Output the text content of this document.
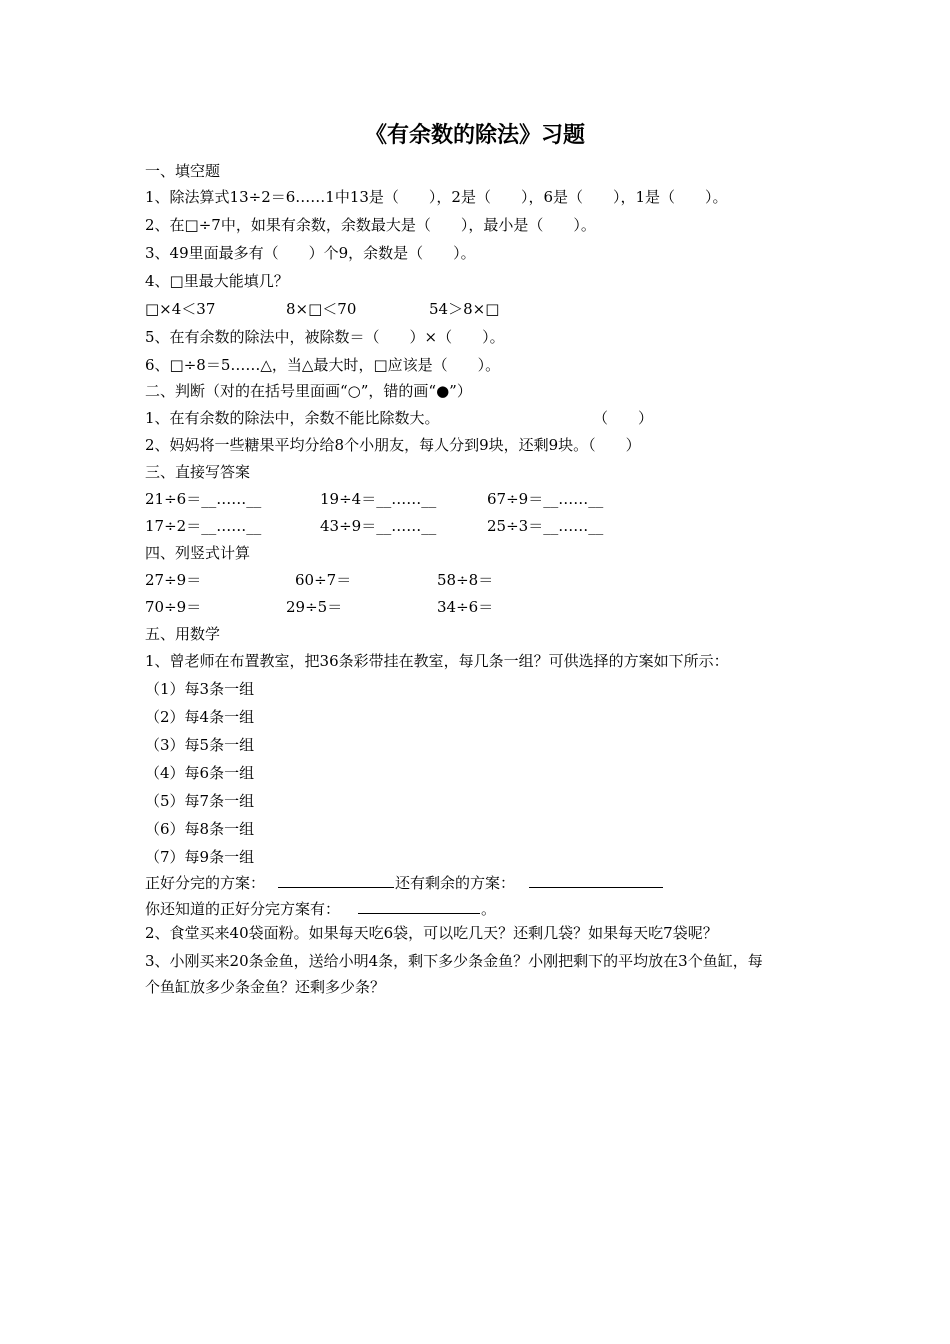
《有余数的除法》习题
一、填空题
1、除法算式13÷2＝6……1中13是（　　），2是（　　），6是（　　），1是（　　）。
2、在□÷7中，如果有余数，余数最大是（　　），最小是（　　）。
3、49里面最多有（　　）个9，余数是（　　）。
4、□里最大能填几？
□×4＜37	8×□＜70	54＞8×□
5、在有余数的除法中，被除数＝（　　）×（　　）。
6、□÷8＝5……△，当△最大时，□应该是（　　）。
二、判断（对的在括号里面画“○”，错的画“●”）
1、在有余数的除法中，余数不能比除数大。	（　　）
2、妈妈将一些糖果平均分给8个小朋友，每人分到9块，还剩9块。（　　）
三、直接写答案
21÷6＝__……__	19÷4＝__……__	67÷9＝__……__
17÷2＝__……__	43÷9＝__……__	25÷3＝__……__
四、列竖式计算
27÷9＝	60÷7＝	58÷8＝
70÷9＝	29÷5＝	34÷6＝
五、用数学
1、曾老师在布置教室，把36条彩带挂在教室，每几条一组？可供选择的方案如下所示：
（1）每3条一组
（2）每4条一组
（3）每5条一组
（4）每6条一组
（5）每7条一组
（6）每8条一组
（7）每9条一组
正好分完的方案：	还有剩余的方案：
你还知道的正好分完方案有：	。
2、食堂买来40袋面粉。如果每天吃6袋，可以吃几天？还剩几袋？如果每天吃7袋呢？
3、小刚买来20条金鱼，送给小明4条，剩下多少条金鱼？小刚把剩下的平均放在3个鱼缸，每
个鱼缸放多少条金鱼？还剩多少条？
